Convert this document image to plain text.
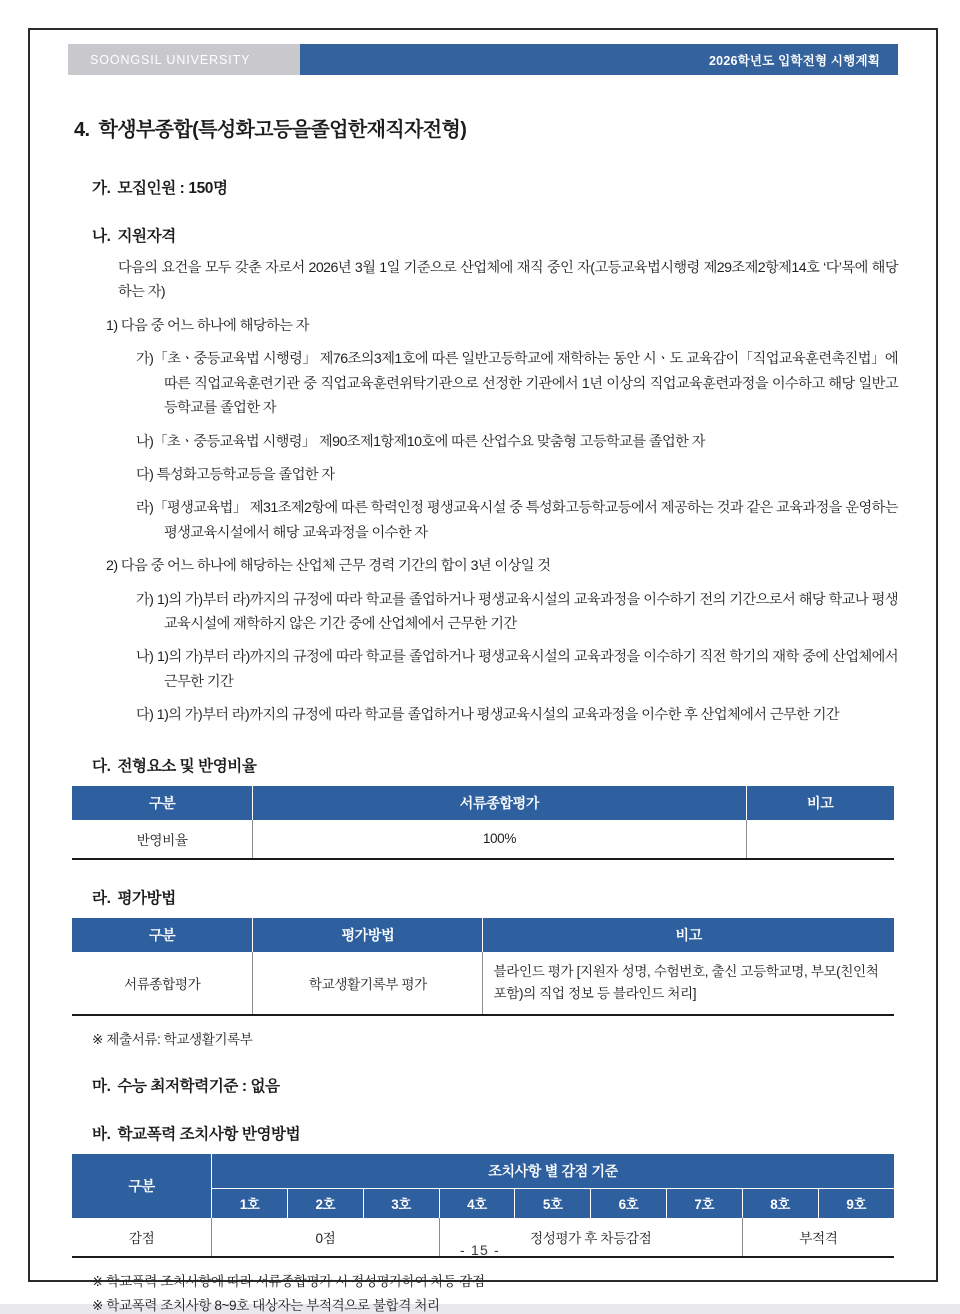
SOONGSIL UNIVERSITY	2026학년도 입학전형 시행계획
4. 학생부종합(특성화고등을졸업한재직자전형)
가. 모집인원 : 150명
나. 지원자격

다음의 요건을 모두 갖춘 자로서 2026년 3월 1일 기준으로 산업체에 재직 중인 자(고등교육법시행령 제29조제2항제14호 ‘다’목에 해당하는 자)

1) 다음 중 어느 하나에 해당하는 자

가)「초ㆍ중등교육법 시행령」 제76조의3제1호에 따른 일반고등학교에 재학하는 동안 시ㆍ도 교육감이「직업교육훈련촉진법」에 따른 직업교육훈련기관 중 직업교육훈련위탁기관으로 선정한 기관에서 1년 이상의 직업교육훈련과정을 이수하고 해당 일반고등학교를 졸업한 자

나)「초ㆍ중등교육법 시행령」 제90조제1항제10호에 따른 산업수요 맞춤형 고등학교를 졸업한 자

다) 특성화고등학교등을 졸업한 자

라)「평생교육법」 제31조제2항에 따른 학력인정 평생교육시설 중 특성화고등학교등에서 제공하는 것과 같은 교육과정을 운영하는 평생교육시설에서 해당 교육과정을 이수한 자

2) 다음 중 어느 하나에 해당하는 산업체 근무 경력 기간의 합이 3년 이상일 것

가) 1)의 가)부터 라)까지의 규정에 따라 학교를 졸업하거나 평생교육시설의 교육과정을 이수하기 전의 기간으로서 해당 학교나 평생교육시설에 재학하지 않은 기간 중에 산업체에서 근무한 기간

나) 1)의 가)부터 라)까지의 규정에 따라 학교를 졸업하거나 평생교육시설의 교육과정을 이수하기 직전 학기의 재학 중에 산업체에서 근무한 기간

다) 1)의 가)부터 라)까지의 규정에 따라 학교를 졸업하거나 평생교육시설의 교육과정을 이수한 후 산업체에서 근무한 기간

다. 전형요소 및 반영비율
구분	서류종합평가	비고
반영비율	100%	
라. 평가방법
구분	평가방법	비고
서류종합평가	학교생활기록부 평가	블라인드 평가 [지원자 성명, 수험번호, 출신 고등학교명, 부모(친인척 포함)의 직업 정보 등 블라인드 처리]

※ 제출서류: 학교생활기록부

마. 수능 최저학력기준 : 없음
바. 학교폭력 조치사항 반영방법
구분	조치사항 별 감점 기준								
	1호	2호	3호	4호	5호	6호	7호	8호	9호
감점	0점			정성평가 후 차등감점				부적격	

※ 학교폭력 조치사항에 따라 서류종합평가 시 정성평가하여 차등 감점

※ 학교폭력 조치사항 8~9호 대상자는 부적격으로 불합격 처리

- 15 -
